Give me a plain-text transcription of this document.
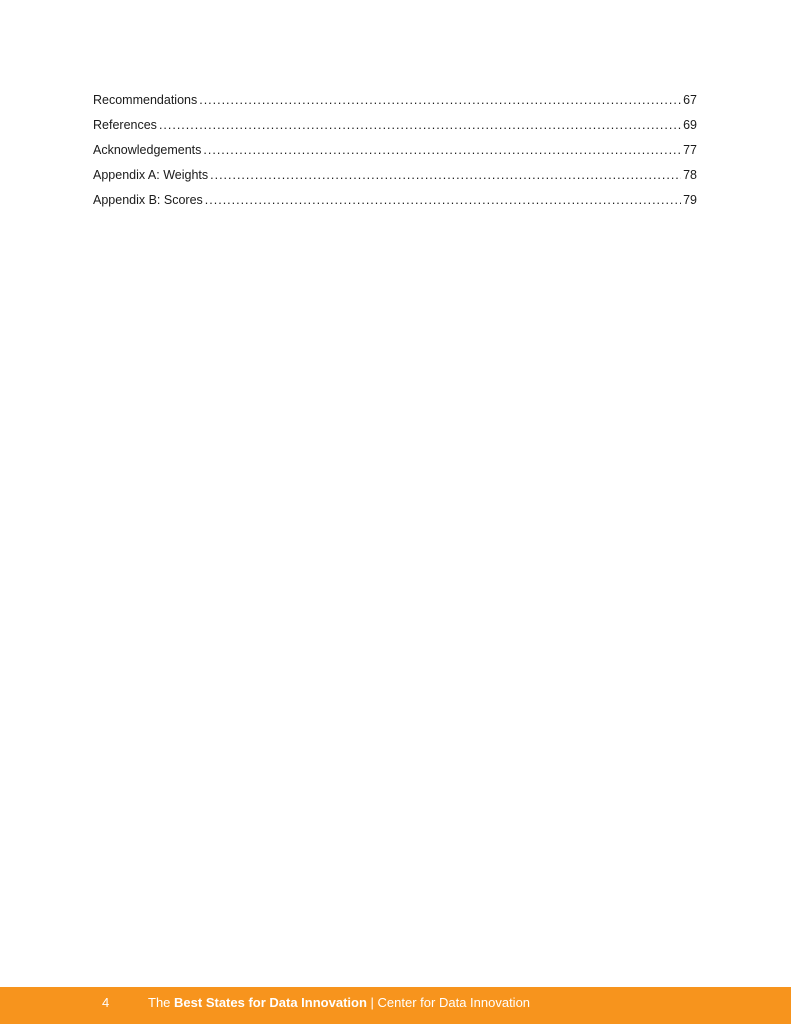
Recommendations .....	67
References .....	69
Acknowledgements .....	77
Appendix A: Weights .....	78
Appendix B: Scores .....	79
4	The Best States for Data Innovation | Center for Data Innovation
